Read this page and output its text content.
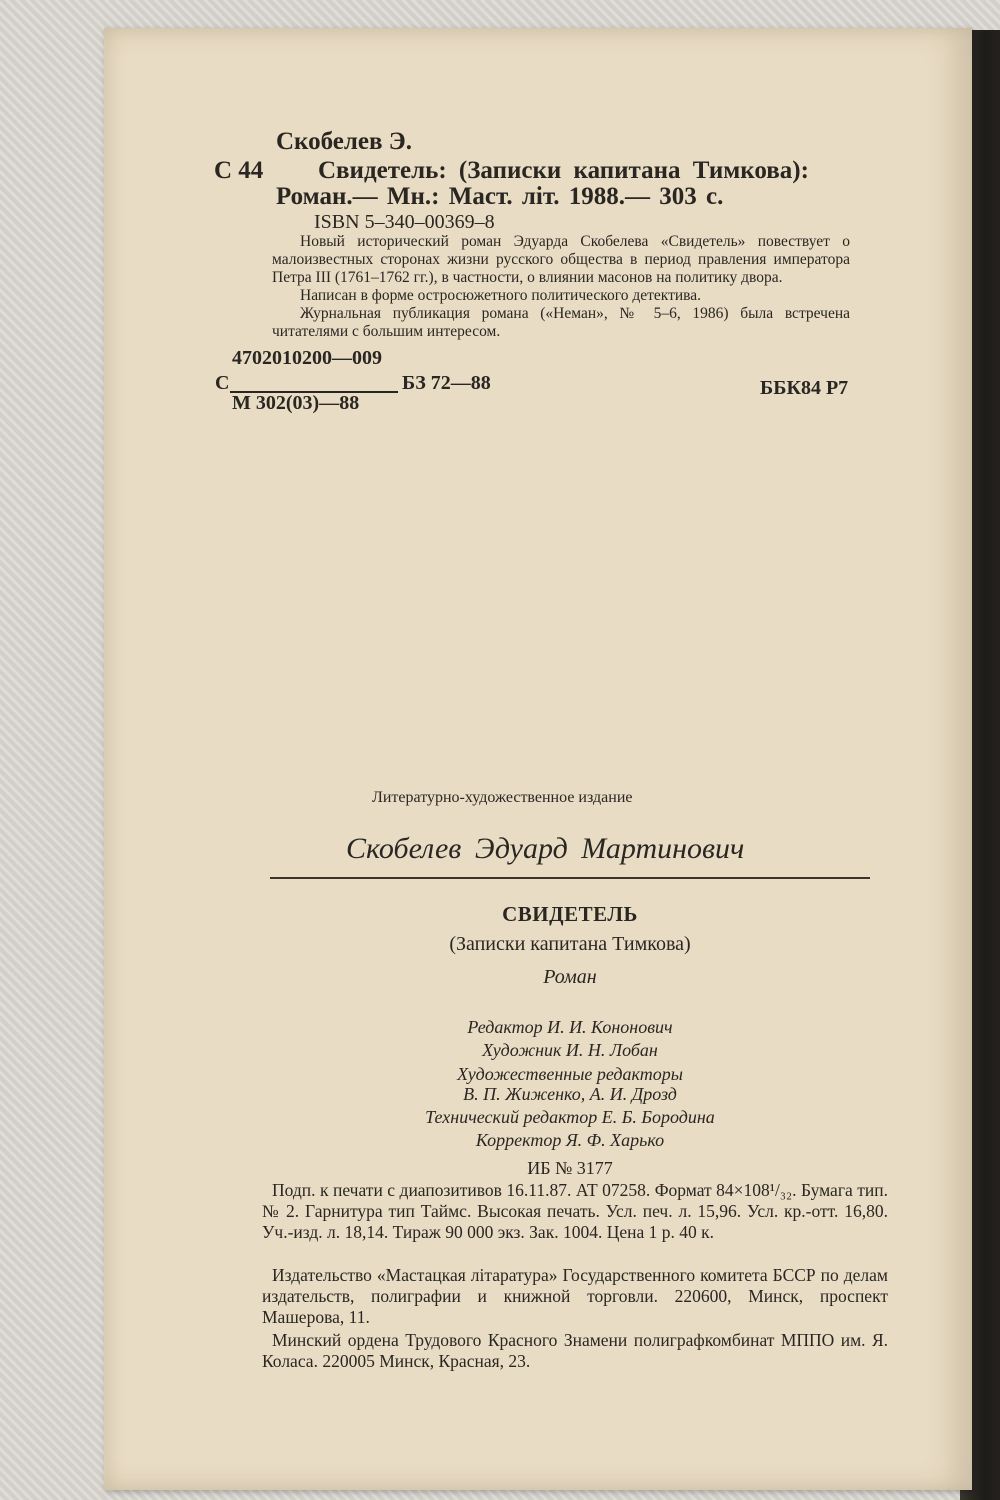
Скобелев Э.
С 44 Свидетель: (Записки капитана Тимкова):
Роман.— Мн.: Маст. літ. 1988.— 303 с.
ISBN 5–340–00369–8

Новый исторический роман Эдуарда Скобелева «Свидетель» повествует о малоизвестных сторонах жизни русского общества в период правления императора Петра III (1761–1762 гг.), в частности, о влиянии масонов на политику двора.

Написан в форме остросюжетного политического детектива.

Журнальная публикация романа («Неман», № 5–6, 1986) была встречена читателями с большим интересом.

4702010200—009
С	БЗ 72—88
М 302(03)—88
ББК84 Р7
Литературно-художественное издание
Скобелев Эдуард Мартинович
СВИДЕТЕЛЬ
(Записки капитана Тимкова)
Роман
Редактор И. И. Кононович
Художник И. Н. Лобан
Художественные редакторы
В. П. Жиженко, А. И. Дрозд
Технический редактор Е. Б. Бородина
Корректор Я. Ф. Харько
ИБ № 3177

Подп. к печати с диапозитивов 16.11.87. АТ 07258. Формат 84×108¹/₃₂. Бумага тип. № 2. Гарнитура тип Таймс. Высокая печать. Усл. печ. л. 15,96. Усл. кр.-отт. 16,80. Уч.-изд. л. 18,14. Тираж 90 000 экз. Зак. 1004. Цена 1 р. 40 к.

Издательство «Мастацкая літаратура» Государственного комитета БССР по делам издательств, полиграфии и книжной торговли. 220600, Минск, проспект Машерова, 11.

Минский ордена Трудового Красного Знамени полиграфкомбинат МППО им. Я. Коласа. 220005 Минск, Красная, 23.
